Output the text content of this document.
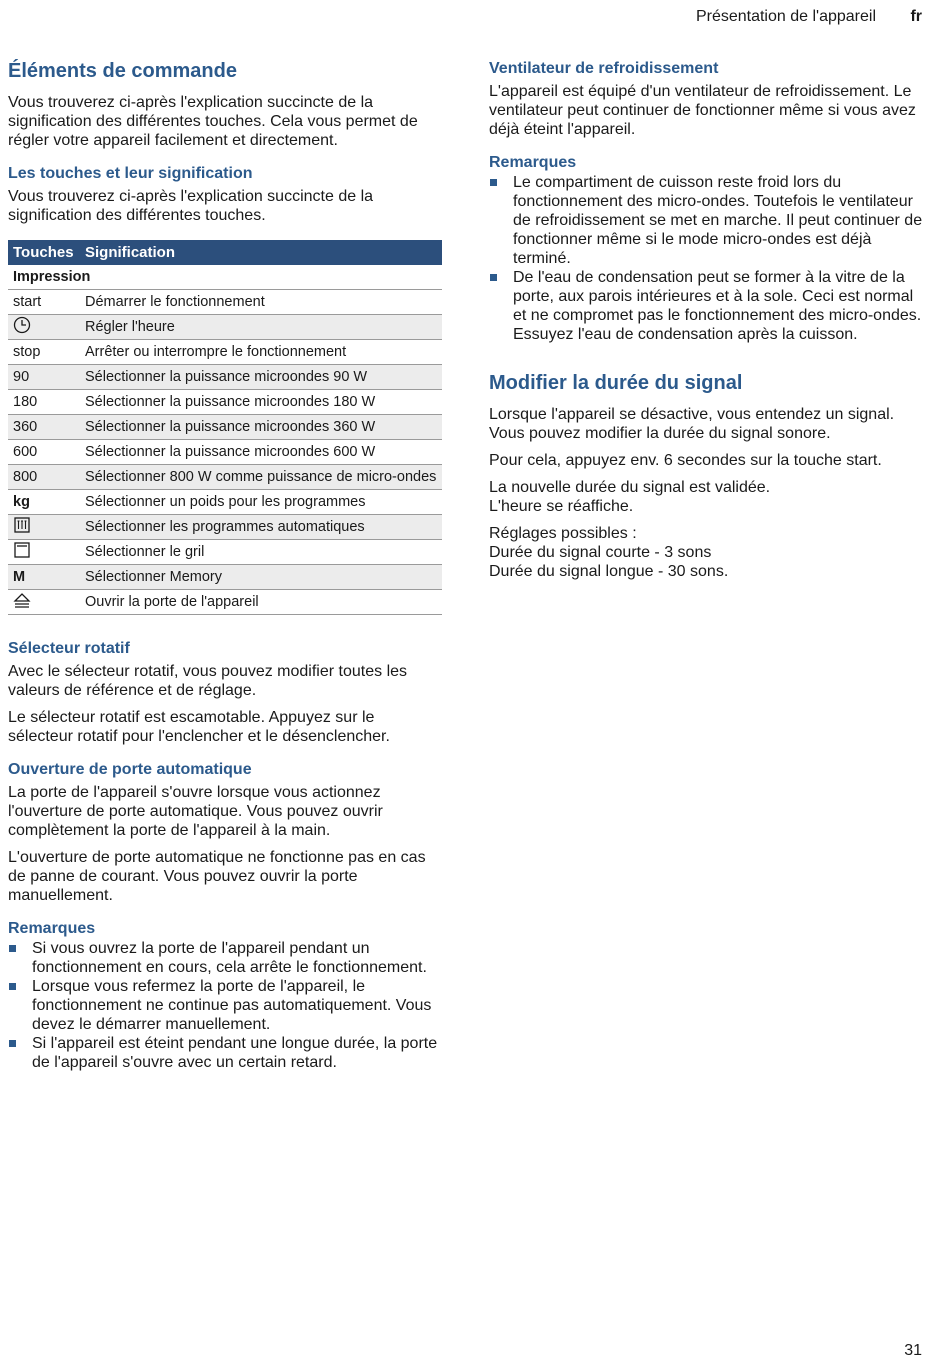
Présentation de l'appareil fr
Éléments de commande

Vous trouverez ci-après l'explication succincte de la signification des différentes touches. Cela vous permet de régler votre appareil facilement et directement.

Les touches et leur signification

Vous trouverez ci-après l'explication succincte de la signification des différentes touches.

Touches	Signification
Impression	
start	Démarrer le fonctionnement
	Régler l'heure
stop	Arrêter ou interrompre le fonctionnement
90	Sélectionner la puissance microondes 90 W
180	Sélectionner la puissance microondes 180 W
360	Sélectionner la puissance microondes 360 W
600	Sélectionner la puissance microondes 600 W
800	Sélectionner 800 W comme puissance de micro-ondes
kg	Sélectionner un poids pour les programmes
	Sélectionner les programmes automatiques
	Sélectionner le gril
M	Sélectionner Memory
	Ouvrir la porte de l'appareil
Sélecteur rotatif

Avec le sélecteur rotatif, vous pouvez modifier toutes les valeurs de référence et de réglage.

Le sélecteur rotatif est escamotable. Appuyez sur le sélecteur rotatif pour l'enclencher et le désenclencher.

Ouverture de porte automatique

La porte de l'appareil s'ouvre lorsque vous actionnez l'ouverture de porte automatique. Vous pouvez ouvrir complètement la porte de l'appareil à la main.

L'ouverture de porte automatique ne fonctionne pas en cas de panne de courant. Vous pouvez ouvrir la porte manuellement.

Remarques
Si vous ouvrez la porte de l'appareil pendant un fonctionnement en cours, cela arrête le fonctionnement.
Lorsque vous refermez la porte de l'appareil, le fonctionnement ne continue pas automatiquement. Vous devez le démarrer manuellement.
Si l'appareil est éteint pendant une longue durée, la porte de l'appareil s'ouvre avec un certain retard.
Ventilateur de refroidissement

L'appareil est équipé d'un ventilateur de refroidissement. Le ventilateur peut continuer de fonctionner même si vous avez déjà éteint l'appareil.

Remarques
Le compartiment de cuisson reste froid lors du fonctionnement des micro-ondes. Toutefois le ventilateur de refroidissement se met en marche. Il peut continuer de fonctionner même si le mode micro-ondes est déjà terminé.
De l'eau de condensation peut se former à la vitre de la porte, aux parois intérieures et à la sole. Ceci est normal et ne compromet pas le fonctionnement des micro-ondes. Essuyez l'eau de condensation après la cuisson.
Modifier la durée du signal

Lorsque l'appareil se désactive, vous entendez un signal. Vous pouvez modifier la durée du signal sonore.

Pour cela, appuyez env. 6 secondes sur la touche start.

La nouvelle durée du signal est validée.
L'heure se réaffiche.

Réglages possibles :
Durée du signal courte - 3 sons
Durée du signal longue - 30 sons.

31
